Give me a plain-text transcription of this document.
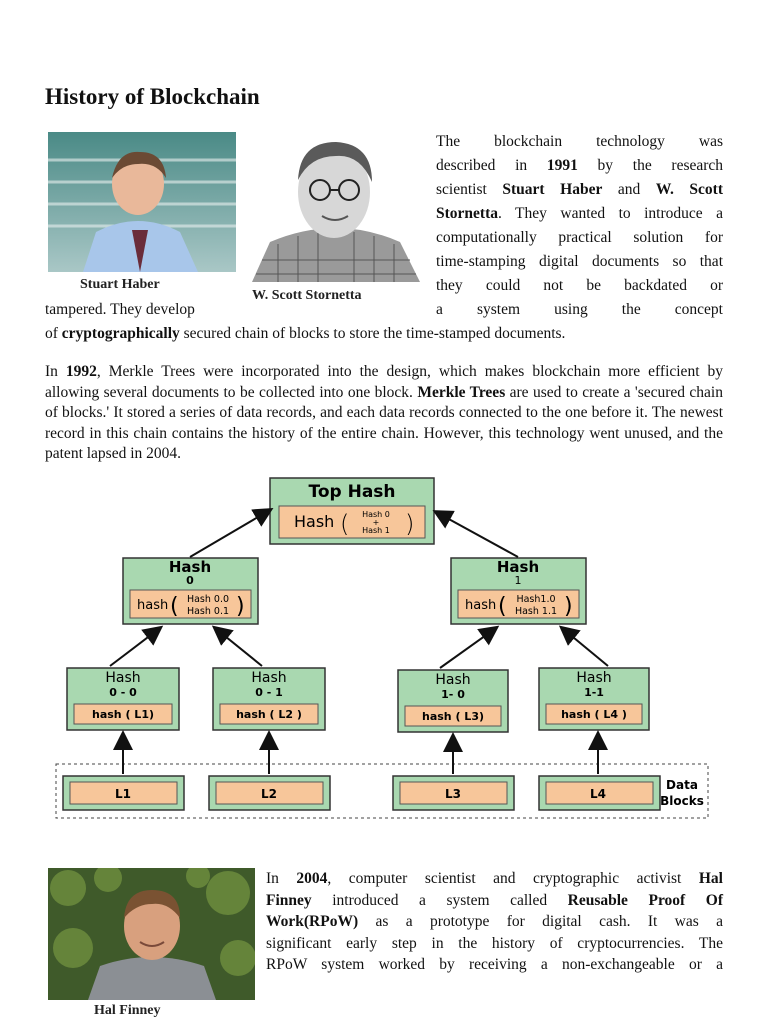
History of Blockchain
Stuart Haber
W. Scott Stornetta
The blockchain technology was
described in 1991 by the research
scientist Stuart Haber and W. Scott
Stornetta. They wanted to introduce a
computationally practical solution for
time-stamping digital documents so that
they could not be backdated or
tampered. They develop	a system using the concept
of cryptographically secured chain of blocks to store the time-stamped documents.
In 1992, Merkle Trees were incorporated into the design, which makes blockchain more efficient by allowing several documents to be collected into one block. Merkle Trees are used to create a 'secured chain of blocks.' It stored a series of data records, and each data records connected to the one before it. The newest record in this chain contains the history of the entire chain. However, this technology went unused, and the patent lapsed in 2004.
Top Hash
Hash ( )
Hash 0
+
Hash 1
Hash
0
hash (	)
Hash 0.0
Hash 0.1
Hash
1
hash (	)
Hash1.0
Hash 1.1
Hash
0 - 0
hash ( L1)
Hash
0 - 1
hash ( L2 )
Hash
1- 0
hash ( L3)
Hash
1-1
hash ( L4 )
L1	L2	L3	L4
Data
Blocks
Hal Finney
In 2004, computer scientist and cryptographic activist Hal
Finney introduced a system called Reusable Proof Of
Work(RPoW) as a prototype for digital cash. It was a
significant early step in the history of cryptocurrencies. The
RPoW system worked by receiving a non-exchangeable or a
